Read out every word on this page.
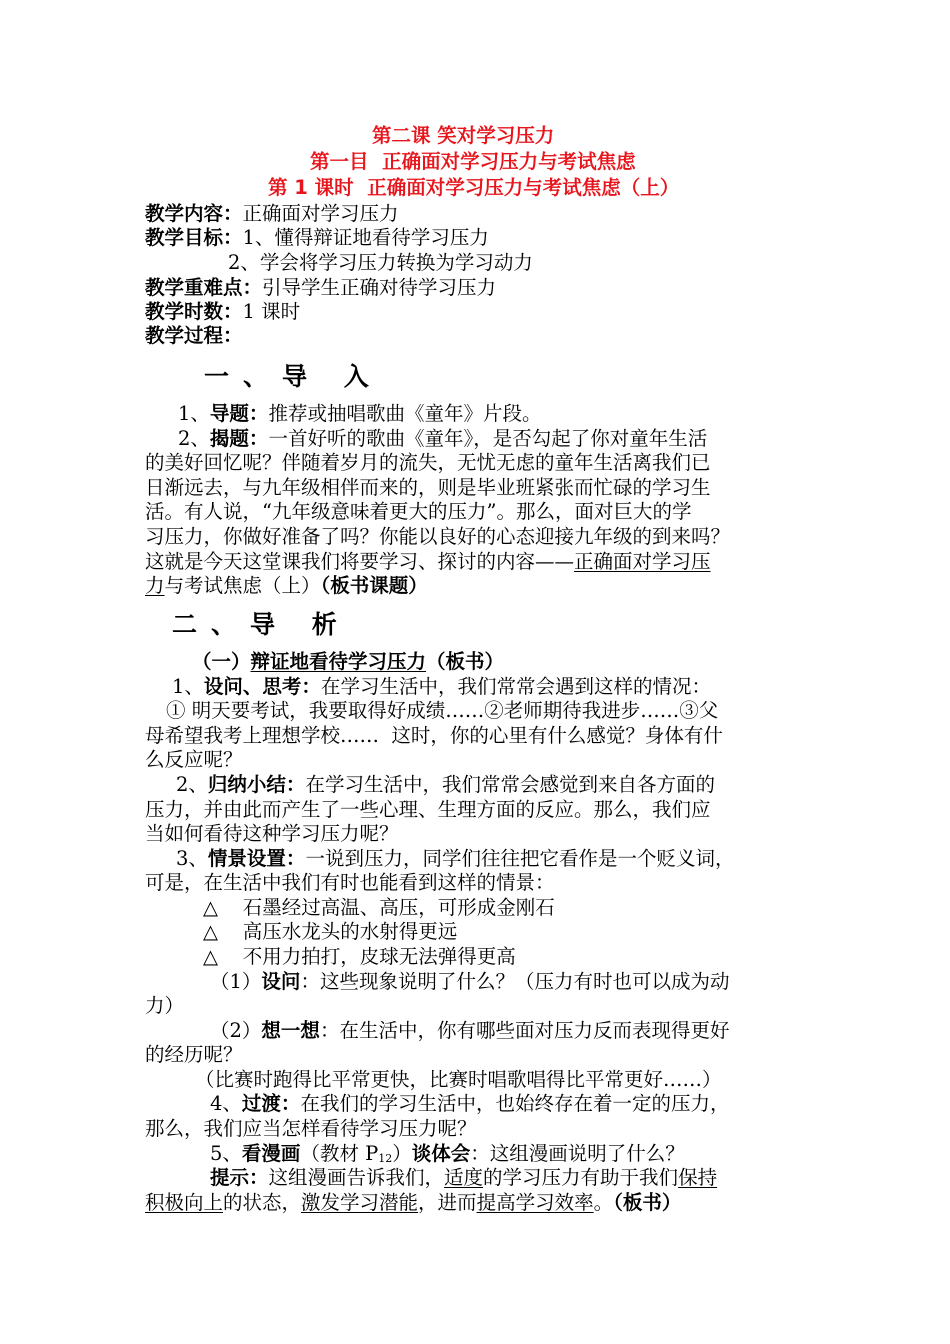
第二课 笑对学习压力
第一目  正确面对学习压力与考试焦虑
第 1 课时  正确面对学习压力与考试焦虑（上）
教学内容：正确面对学习压力
教学目标：1、懂得辩证地看待学习压力
2、学会将学习压力转换为学习动力
教学重难点：引导学生正确对待学习压力
教学时数：1 课时
教学过程：
一、导 入
1、导题：推荐或抽唱歌曲《童年》片段。
2、揭题：一首好听的歌曲《童年》，是否勾起了你对童年生活
的美好回忆呢？伴随着岁月的流失，无忧无虑的童年生活离我们已
日渐远去，与九年级相伴而来的，则是毕业班紧张而忙碌的学习生
活。有人说，“九年级意味着更大的压力”。那么，面对巨大的学
习压力，你做好准备了吗？你能以良好的心态迎接九年级的到来吗？
这就是今天这堂课我们将要学习、探讨的内容——正确面对学习压
力与考试焦虑（上）（板书课题）
二、导 析
（一）辩证地看待学习压力（板书）
1、设问、思考：在学习生活中，我们常常会遇到这样的情况：
① 明天要考试，我要取得好成绩……②老师期待我进步……③父
母希望我考上理想学校……  这时，你的心里有什么感觉？身体有什
么反应呢？
2、归纳小结：在学习生活中，我们常常会感觉到来自各方面的
压力，并由此而产生了一些心理、生理方面的反应。那么，我们应
当如何看待这种学习压力呢？
3、情景设置：一说到压力，同学们往往把它看作是一个贬义词，
可是，在生活中我们有时也能看到这样的情景：
△    石墨经过高温、高压，可形成金刚石
△    高压水龙头的水射得更远
△    不用力拍打，皮球无法弹得更高
（1）设问：这些现象说明了什么？（压力有时也可以成为动
力）
（2）想一想：在生活中，你有哪些面对压力反而表现得更好
的经历呢？
（比赛时跑得比平常更快，比赛时唱歌唱得比平常更好……）
4、过渡：在我们的学习生活中，也始终存在着一定的压力，
那么，我们应当怎样看待学习压力呢？
5、看漫画（教材 $P_{12}$）谈体会：这组漫画说明了什么？
提示：这组漫画告诉我们，适度的学习压力有助于我们保持
积极向上的状态，激发学习潜能，进而提高学习效率。（板书）
